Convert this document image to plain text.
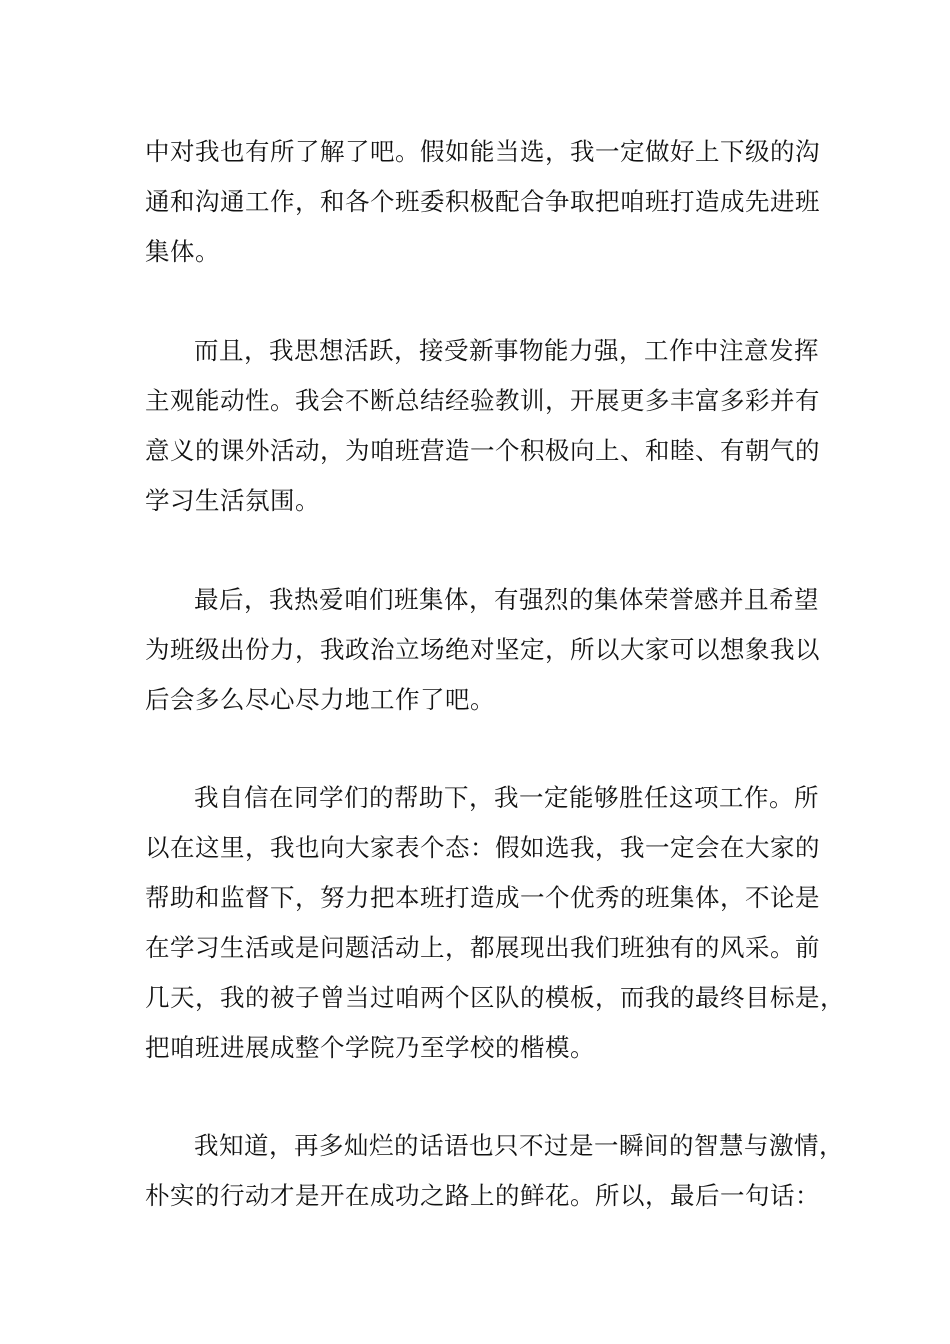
中对我也有所了解了吧。假如能当选，我一定做好上下级的沟
通和沟通工作，和各个班委积极配合争取把咱班打造成先进班
集体。
而且，我思想活跃，接受新事物能力强，工作中注意发挥
主观能动性。我会不断总结经验教训，开展更多丰富多彩并有
意义的课外活动，为咱班营造一个积极向上、和睦、有朝气的
学习生活氛围。
最后，我热爱咱们班集体，有强烈的集体荣誉感并且希望
为班级出份力，我政治立场绝对坚定，所以大家可以想象我以
后会多么尽心尽力地工作了吧。
我自信在同学们的帮助下，我一定能够胜任这项工作。所
以在这里，我也向大家表个态：假如选我，我一定会在大家的
帮助和监督下，努力把本班打造成一个优秀的班集体，不论是
在学习生活或是问题活动上，都展现出我们班独有的风采。前
几天，我的被子曾当过咱两个区队的模板，而我的最终目标是，
把咱班进展成整个学院乃至学校的楷模。
我知道，再多灿烂的话语也只不过是一瞬间的智慧与激情，
朴实的行动才是开在成功之路上的鲜花。所以，最后一句话：
